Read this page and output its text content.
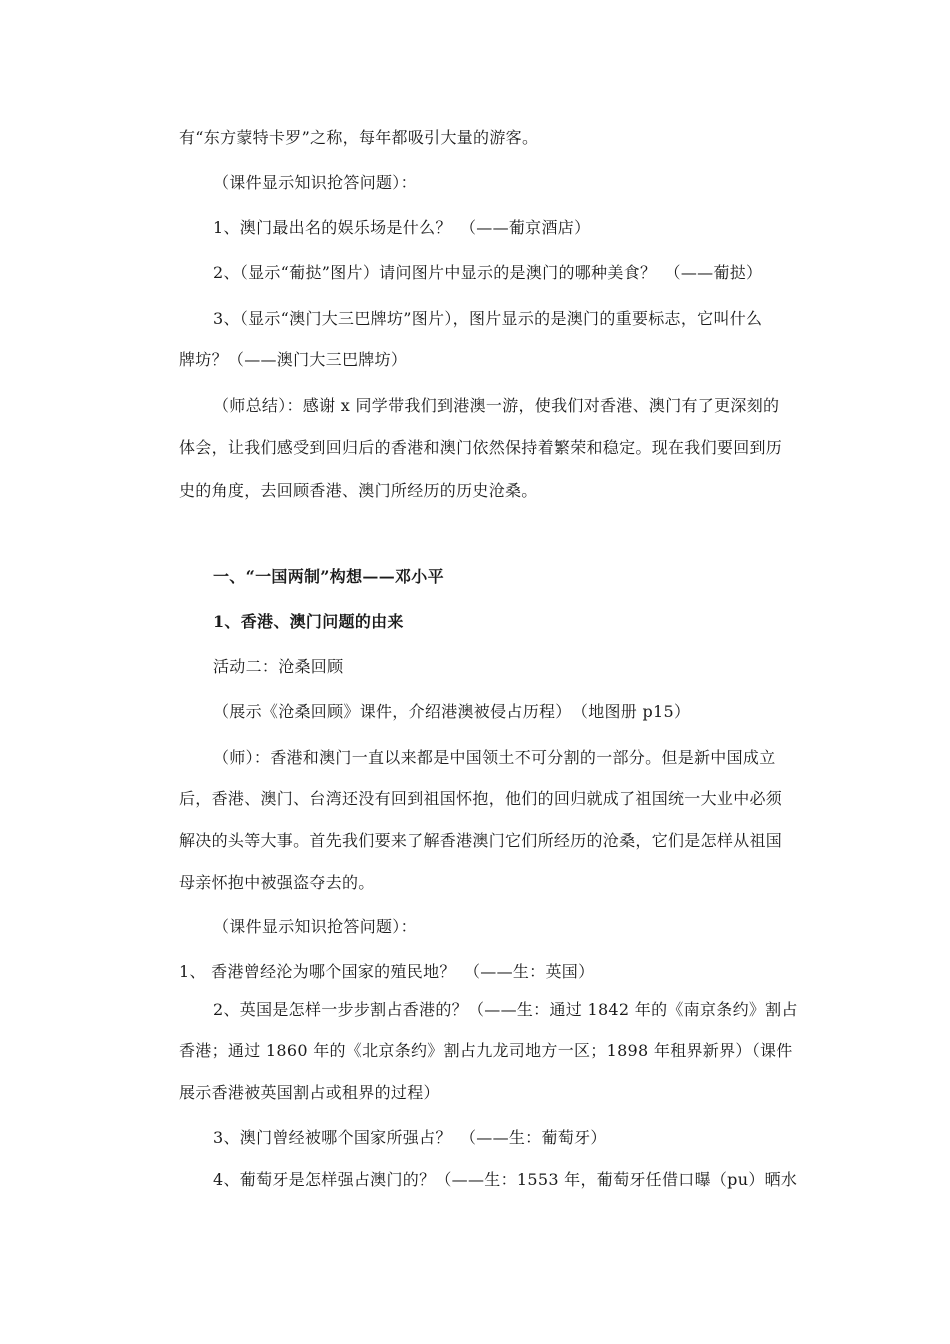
有“东方蒙特卡罗”之称，每年都吸引大量的游客。
（课件显示知识抢答问题）：
1、澳门最出名的娱乐场是什么？　（——葡京酒店）
2、（显示“葡挞”图片）请问图片中显示的是澳门的哪种美食？　（——葡挞）
3、（显示“澳门大三巴牌坊”图片），图片显示的是澳门的重要标志，它叫什么
牌坊？（——澳门大三巴牌坊）
（师总结）：感谢 x 同学带我们到港澳一游，使我们对香港、澳门有了更深刻的
体会，让我们感受到回归后的香港和澳门依然保持着繁荣和稳定。现在我们要回到历
史的角度，去回顾香港、澳门所经历的历史沧桑。
一、“一国两制”构想——邓小平
1、香港、澳门问题的由来
活动二：沧桑回顾
（展示《沧桑回顾》课件，介绍港澳被侵占历程）　（地图册 p15）
（师）：香港和澳门一直以来都是中国领土不可分割的一部分。但是新中国成立
后，香港、澳门、台湾还没有回到祖国怀抱，他们的回归就成了祖国统一大业中必须
解决的头等大事。首先我们要来了解香港澳门它们所经历的沧桑，它们是怎样从祖国
母亲怀抱中被强盗夺去的。
（课件显示知识抢答问题）：
1、 香港曾经沦为哪个国家的殖民地？　（——生：英国）
2、英国是怎样一步步割占香港的？（——生：通过 1842 年的《南京条约》割占
香港；通过 1860 年的《北京条约》割占九龙司地方一区；1898 年租界新界）（课件
展示香港被英国割占或租界的过程）
3、澳门曾经被哪个国家所强占？　（——生：葡萄牙）
4、葡萄牙是怎样强占澳门的？（——生：1553 年，葡萄牙任借口曝（pu）晒水
